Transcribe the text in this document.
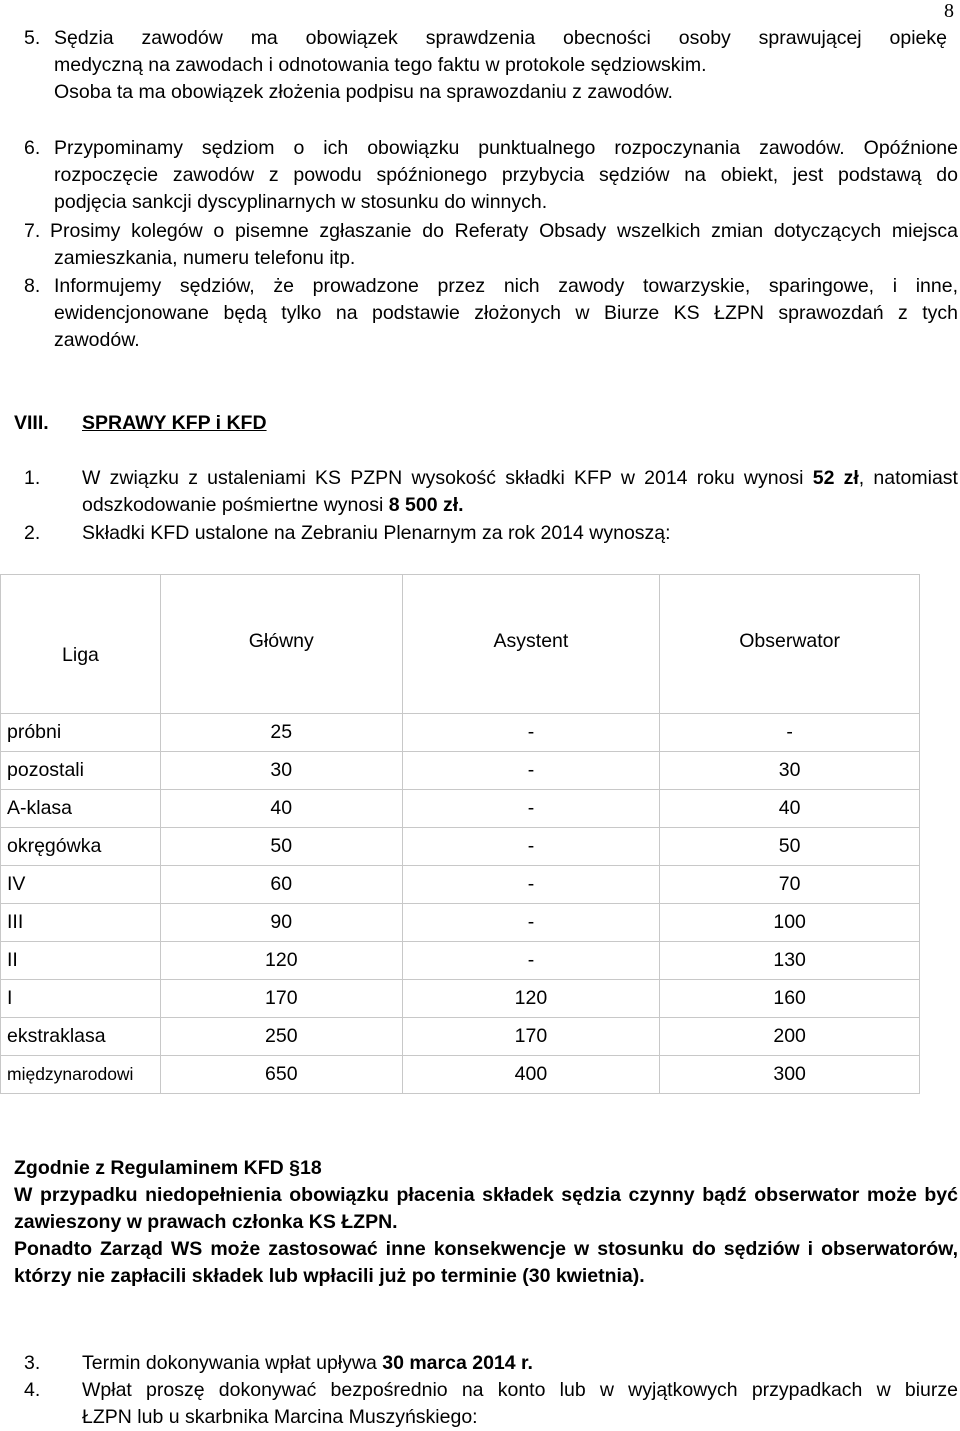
8
5. Sędzia zawodów ma obowiązek sprawdzenia obecności osoby sprawującej opiekę
medyczną na zawodach i odnotowania tego faktu w protokole sędziowskim.
Osoba ta ma obowiązek złożenia podpisu na sprawozdaniu z zawodów.
6. Przypominamy sędziom o ich obowiązku punktualnego rozpoczynania zawodów. Opóźnione
rozpoczęcie zawodów z powodu spóźnionego przybycia sędziów na obiekt, jest podstawą do
podjęcia sankcji dyscyplinarnych w stosunku do winnych.
7. Prosimy kolegów o pisemne zgłaszanie do Referaty Obsady wszelkich zmian dotyczących miejsca
zamieszkania, numeru telefonu itp.
8. Informujemy sędziów, że prowadzone przez nich zawody towarzyskie, sparingowe, i inne,
ewidencjonowane będą tylko na podstawie złożonych w Biurze KS ŁZPN sprawozdań z tych
zawodów.
VIII. SPRAWY KFP i KFD
1. W związku z ustaleniami KS PZPN wysokość składki KFP w 2014 roku wynosi 52 zł, natomiast
odszkodowanie pośmiertne wynosi 8 500 zł.
2. Składki KFD ustalone na Zebraniu Plenarnym za rok 2014 wynoszą:
Liga	Główny	Asystent	Obserwator
próbni	25	-	-
pozostali	30	-	30
A-klasa	40	-	40
okręgówka	50	-	50
IV	60	-	70
III	90	-	100
II	120	-	130
I	170	120	160
ekstraklasa	250	170	200
międzynarodowi	650	400	300
Zgodnie z Regulaminem KFD §18
W przypadku niedopełnienia obowiązku płacenia składek sędzia czynny bądź obserwator może być
zawieszony w prawach członka KS ŁZPN.
Ponadto Zarząd WS może zastosować inne konsekwencje w stosunku do sędziów i obserwatorów,
którzy nie zapłacili składek lub wpłacili już po terminie (30 kwietnia).
3. Termin dokonywania wpłat upływa 30 marca 2014 r.
4. Wpłat proszę dokonywać bezpośrednio na konto lub w wyjątkowych przypadkach w biurze
ŁZPN lub u skarbnika Marcina Muszyńskiego:
